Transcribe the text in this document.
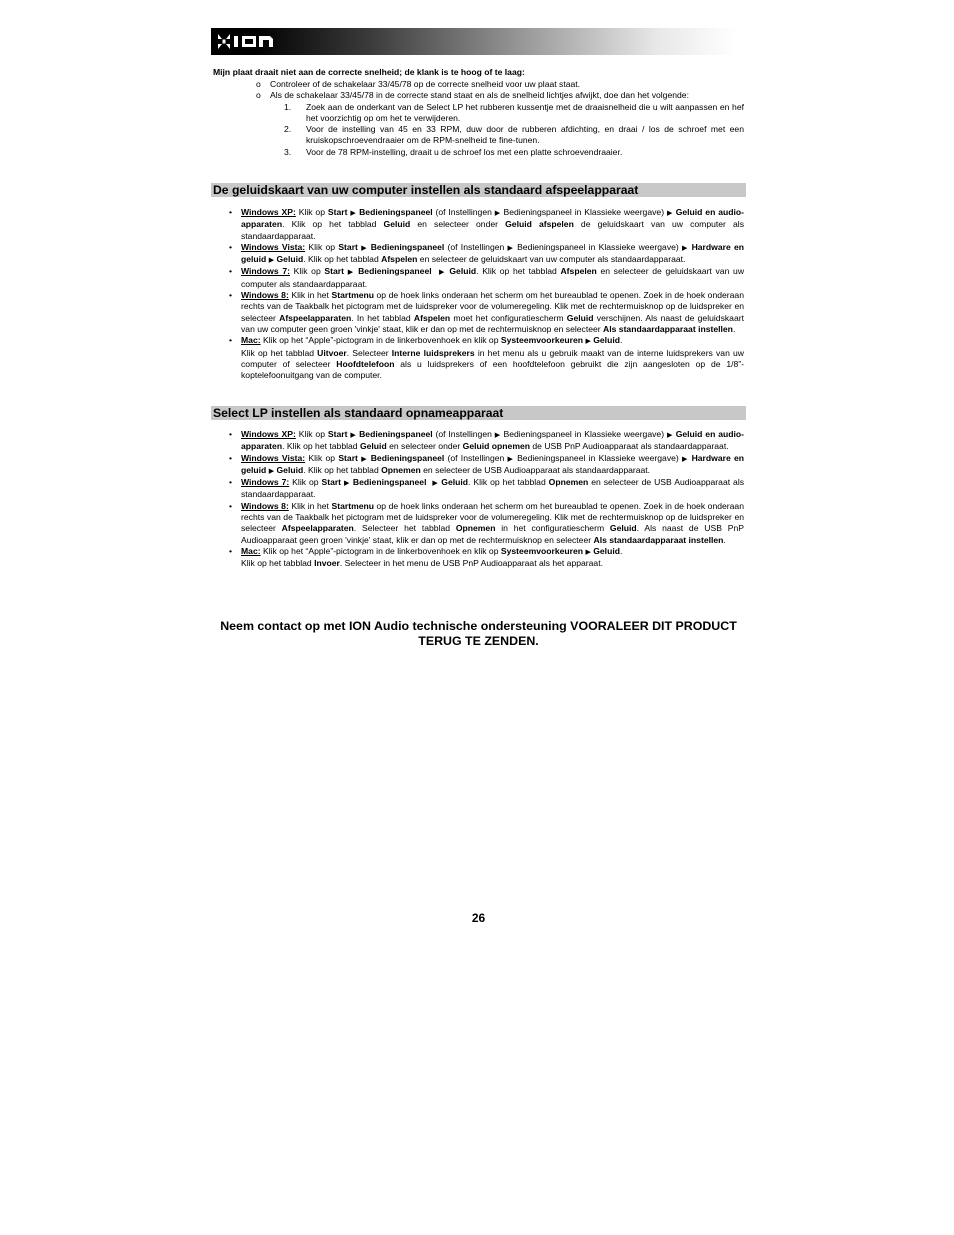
Mijn plaat draait niet aan de correcte snelheid; de klank is te hoog of te laag:
o Controleer of de schakelaar 33/45/78 op de correcte snelheid voor uw plaat staat.
o Als de schakelaar 33/45/78 in de correcte stand staat en als de snelheid lichtjes afwijkt, doe dan het volgende:
1. Zoek aan de onderkant van de Select LP het rubberen kussentje met de draaisnelheid die u wilt aanpassen en hef het voorzichtig op om het te verwijderen.
2. Voor de instelling van 45 en 33 RPM, duw door de rubberen afdichting, en draai / los de schroef met een kruiskopschroevendraaier om de RPM-snelheid te fine-tunen.
3. Voor de 78 RPM-instelling, draait u de schroef los met een platte schroevendraaier.
De geluidskaart van uw computer instellen als standaard afspeelapparaat
• Windows XP: Klik op Start ▶ Bedieningspaneel (of Instellingen ▶ Bedieningspaneel in Klassieke weergave) ▶ Geluid en audio-apparaten. Klik op het tabblad Geluid en selecteer onder Geluid afspelen de geluidskaart van uw computer als standaardapparaat.
• Windows Vista: Klik op Start ▶ Bedieningspaneel (of Instellingen ▶ Bedieningspaneel in Klassieke weergave) ▶ Hardware en geluid ▶ Geluid. Klik op het tabblad Afspelen en selecteer de geluidskaart van uw computer als standaardapparaat.
• Windows 7: Klik op Start ▶ Bedieningspaneel ▶ Geluid. Klik op het tabblad Afspelen en selecteer de geluidskaart van uw computer als standaardapparaat.
• Windows 8: Klik in het Startmenu op de hoek links onderaan het scherm om het bureaublad te openen. Zoek in de hoek onderaan rechts van de Taakbalk het pictogram met de luidspreker voor de volumeregeling. Klik met de rechtermuisknop op de luidspreker en selecteer Afspeelapparaten. In het tabblad Afspelen moet het configuratiescherm Geluid verschijnen. Als naast de geluidskaart van uw computer geen groen 'vinkje' staat, klik er dan op met de rechtermuisknop en selecteer Als standaardapparaat instellen.
• Mac: Klik op het “Apple”-pictogram in de linkerbovenhoek en klik op Systeemvoorkeuren ▶ Geluid.
Klik op het tabblad Uitvoer. Selecteer Interne luidsprekers in het menu als u gebruik maakt van de interne luidsprekers van uw computer of selecteer Hoofdtelefoon als u luidsprekers of een hoofdtelefoon gebruikt die zijn aangesloten op de 1/8”-koptelefoonuitgang van de computer.
Select LP instellen als standaard opnameapparaat
• Windows XP: Klik op Start ▶ Bedieningspaneel (of Instellingen ▶ Bedieningspaneel in Klassieke weergave) ▶ Geluid en audio-apparaten. Klik op het tabblad Geluid en selecteer onder Geluid opnemen de USB PnP Audioapparaat als standaardapparaat.
• Windows Vista: Klik op Start ▶ Bedieningspaneel (of Instellingen ▶ Bedieningspaneel in Klassieke weergave) ▶ Hardware en geluid ▶ Geluid. Klik op het tabblad Opnemen en selecteer de USB Audioapparaat als standaardapparaat.
• Windows 7: Klik op Start ▶ Bedieningspaneel ▶ Geluid. Klik op het tabblad Opnemen en selecteer de USB Audioapparaat als standaardapparaat.
• Windows 8: Klik in het Startmenu op de hoek links onderaan het scherm om het bureaublad te openen. Zoek in de hoek onderaan rechts van de Taakbalk het pictogram met de luidspreker voor de volumeregeling. Klik met de rechtermuisknop op de luidspreker en selecteer Afspeelapparaten. Selecteer het tabblad Opnemen in het configuratiescherm Geluid. Als naast de USB PnP Audioapparaat geen groen 'vinkje' staat, klik er dan op met de rechtermuisknop en selecteer Als standaardapparaat instellen.
• Mac: Klik op het “Apple”-pictogram in de linkerbovenhoek en klik op Systeemvoorkeuren ▶ Geluid.
Klik op het tabblad Invoer. Selecteer in het menu de USB PnP Audioapparaat als het apparaat.
Neem contact op met ION Audio technische ondersteuning VOORALEER DIT PRODUCT
TERUG TE ZENDEN.
26
